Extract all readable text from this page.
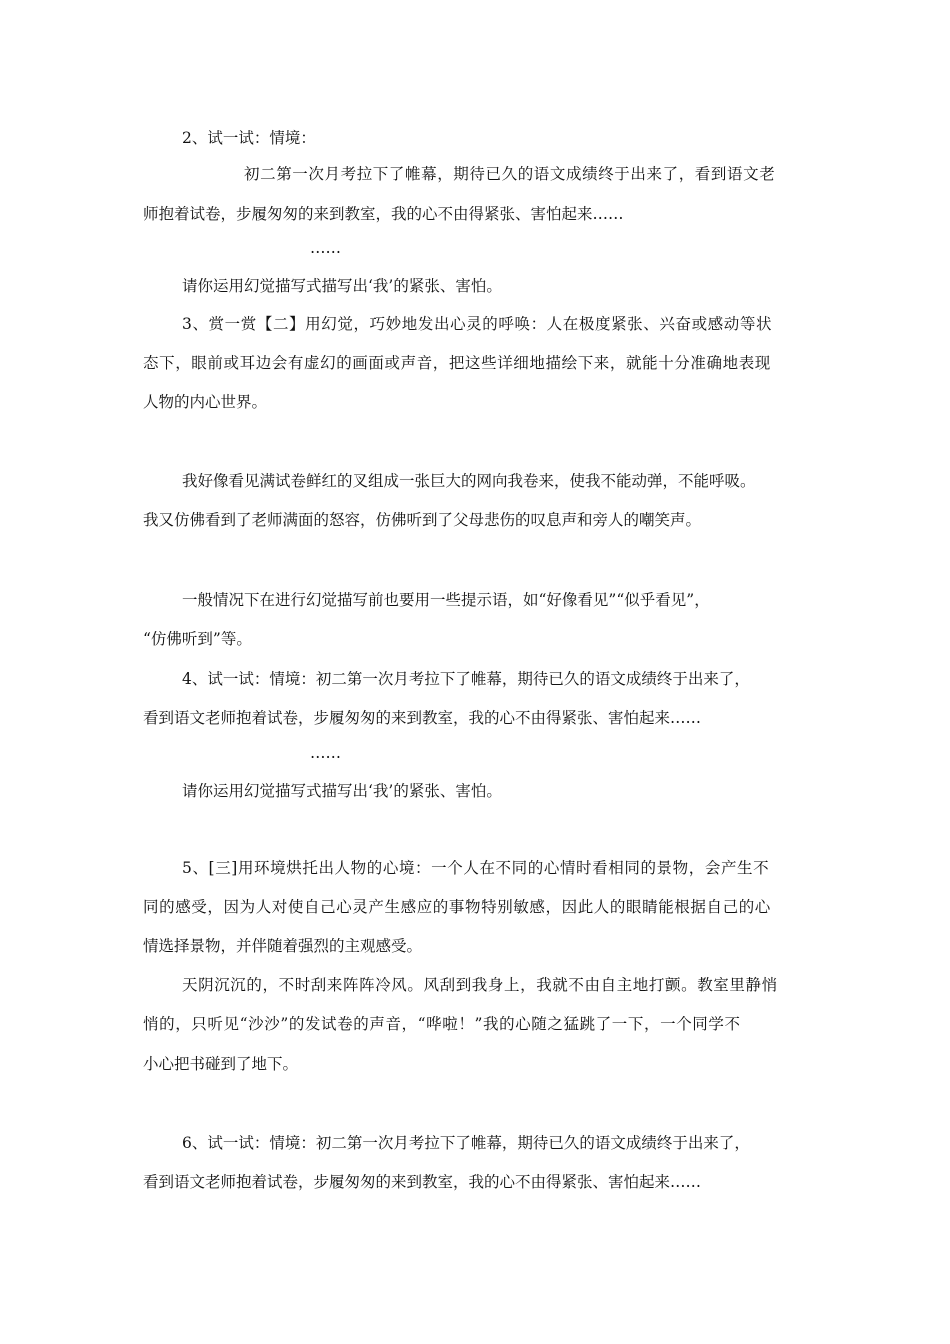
2、试一试：情境：
初二第一次月考拉下了帷幕，期待已久的语文成绩终于出来了，看到语文老
师抱着试卷，步履匆匆的来到教室，我的心不由得紧张、害怕起来……
……
请你运用幻觉描写式描写出‘我’的紧张、害怕。
3、赏一赏【二】用幻觉，巧妙地发出心灵的呼唤：人在极度紧张、兴奋或感动等状
态下，眼前或耳边会有虚幻的画面或声音，把这些详细地描绘下来，就能十分准确地表现
人物的内心世界。
我好像看见满试卷鲜红的叉组成一张巨大的网向我卷来，使我不能动弹，不能呼吸。
我又仿佛看到了老师满面的怒容，仿佛听到了父母悲伤的叹息声和旁人的嘲笑声。
一般情况下在进行幻觉描写前也要用一些提示语，如“好像看见”“似乎看见”，
“仿佛听到”等。
4、试一试：情境：初二第一次月考拉下了帷幕，期待已久的语文成绩终于出来了，
看到语文老师抱着试卷，步履匆匆的来到教室，我的心不由得紧张、害怕起来……
……
请你运用幻觉描写式描写出‘我’的紧张、害怕。
5、[三]用环境烘托出人物的心境：一个人在不同的心情时看相同的景物，会产生不
同的感受，因为人对使自己心灵产生感应的事物特别敏感，因此人的眼睛能根据自己的心
情选择景物，并伴随着强烈的主观感受。
天阴沉沉的，不时刮来阵阵冷风。风刮到我身上，我就不由自主地打颤。教室里静悄
悄的，只听见“沙沙”的发试卷的声音，“哗啦！”我的心随之猛跳了一下，一个同学不
小心把书碰到了地下。
6、试一试：情境：初二第一次月考拉下了帷幕，期待已久的语文成绩终于出来了，
看到语文老师抱着试卷，步履匆匆的来到教室，我的心不由得紧张、害怕起来……
